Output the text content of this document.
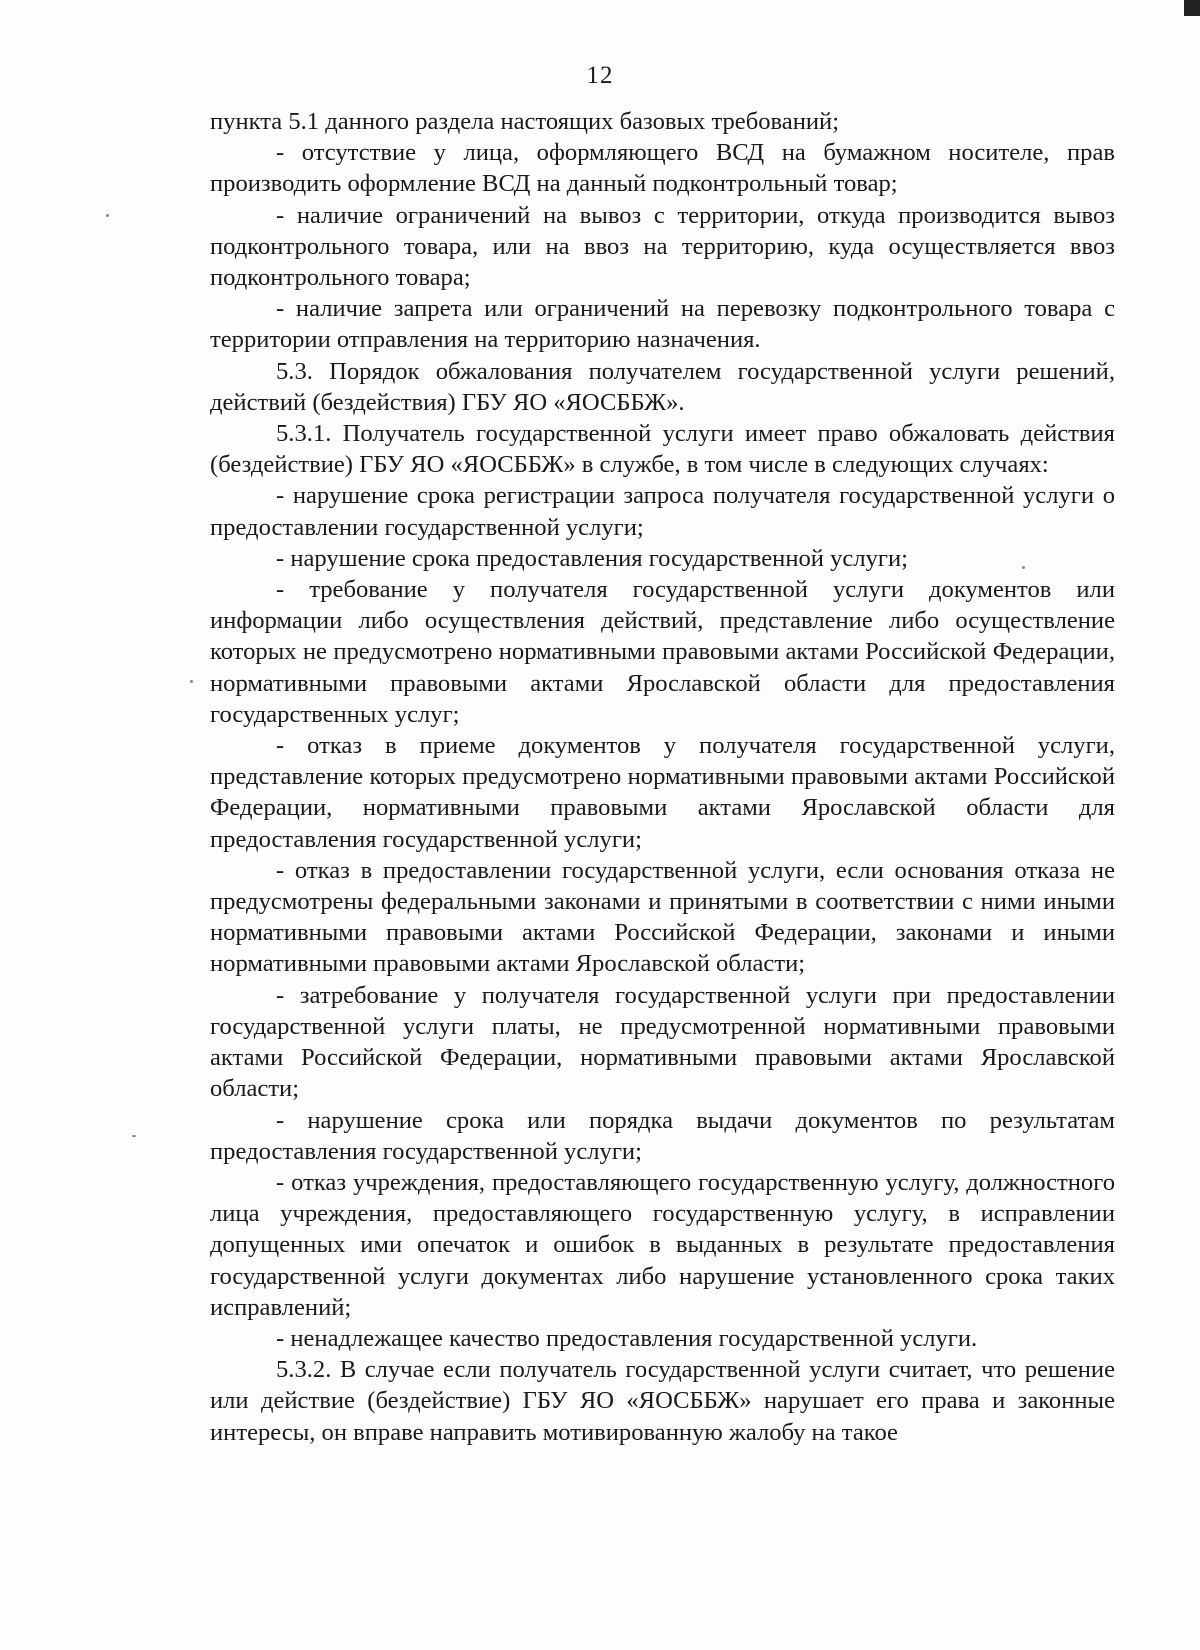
12

пункта 5.1 данного раздела настоящих базовых требований;

- отсутствие у лица, оформляющего ВСД на бумажном носителе, прав производить оформление ВСД на данный подконтрольный товар;

- наличие ограничений на вывоз с территории, откуда производится вывоз подконтрольного товара, или на ввоз на территорию, куда осуществляется ввоз подконтрольного товара;

- наличие запрета или ограничений на перевозку подконтрольного товара с территории отправления на территорию назначения.

5.3. Порядок обжалования получателем государственной услуги решений, действий (бездействия) ГБУ ЯО «ЯОСББЖ».

5.3.1. Получатель государственной услуги имеет право обжаловать действия (бездействие) ГБУ ЯО «ЯОСББЖ» в службе, в том числе в следующих случаях:

- нарушение срока регистрации запроса получателя государственной услуги о предоставлении государственной услуги;

- нарушение срока предоставления государственной услуги;

- требование у получателя государственной услуги документов или информации либо осуществления действий, представление либо осуществление которых не предусмотрено нормативными правовыми актами Российской Федерации, нормативными правовыми актами Ярославской области для предоставления государственных услуг;

- отказ в приеме документов у получателя государственной услуги, представление которых предусмотрено нормативными правовыми актами Российской Федерации, нормативными правовыми актами Ярославской области для предоставления государственной услуги;

- отказ в предоставлении государственной услуги, если основания отказа не предусмотрены федеральными законами и принятыми в соответствии с ними иными нормативными правовыми актами Российской Федерации, законами и иными нормативными правовыми актами Ярославской области;

- затребование у получателя государственной услуги при предоставлении государственной услуги платы, не предусмотренной нормативными правовыми актами Российской Федерации, нормативными правовыми актами Ярославской области;

- нарушение срока или порядка выдачи документов по результатам предоставления государственной услуги;

- отказ учреждения, предоставляющего государственную услугу, должностного лица учреждения, предоставляющего государственную услугу, в исправлении допущенных ими опечаток и ошибок в выданных в результате предоставления государственной услуги документах либо нарушение установленного срока таких исправлений;

- ненадлежащее качество предоставления государственной услуги.

5.3.2. В случае если получатель государственной услуги считает, что решение или действие (бездействие) ГБУ ЯО «ЯОСББЖ» нарушает его права и законные интересы, он вправе направить мотивированную жалобу на такое
